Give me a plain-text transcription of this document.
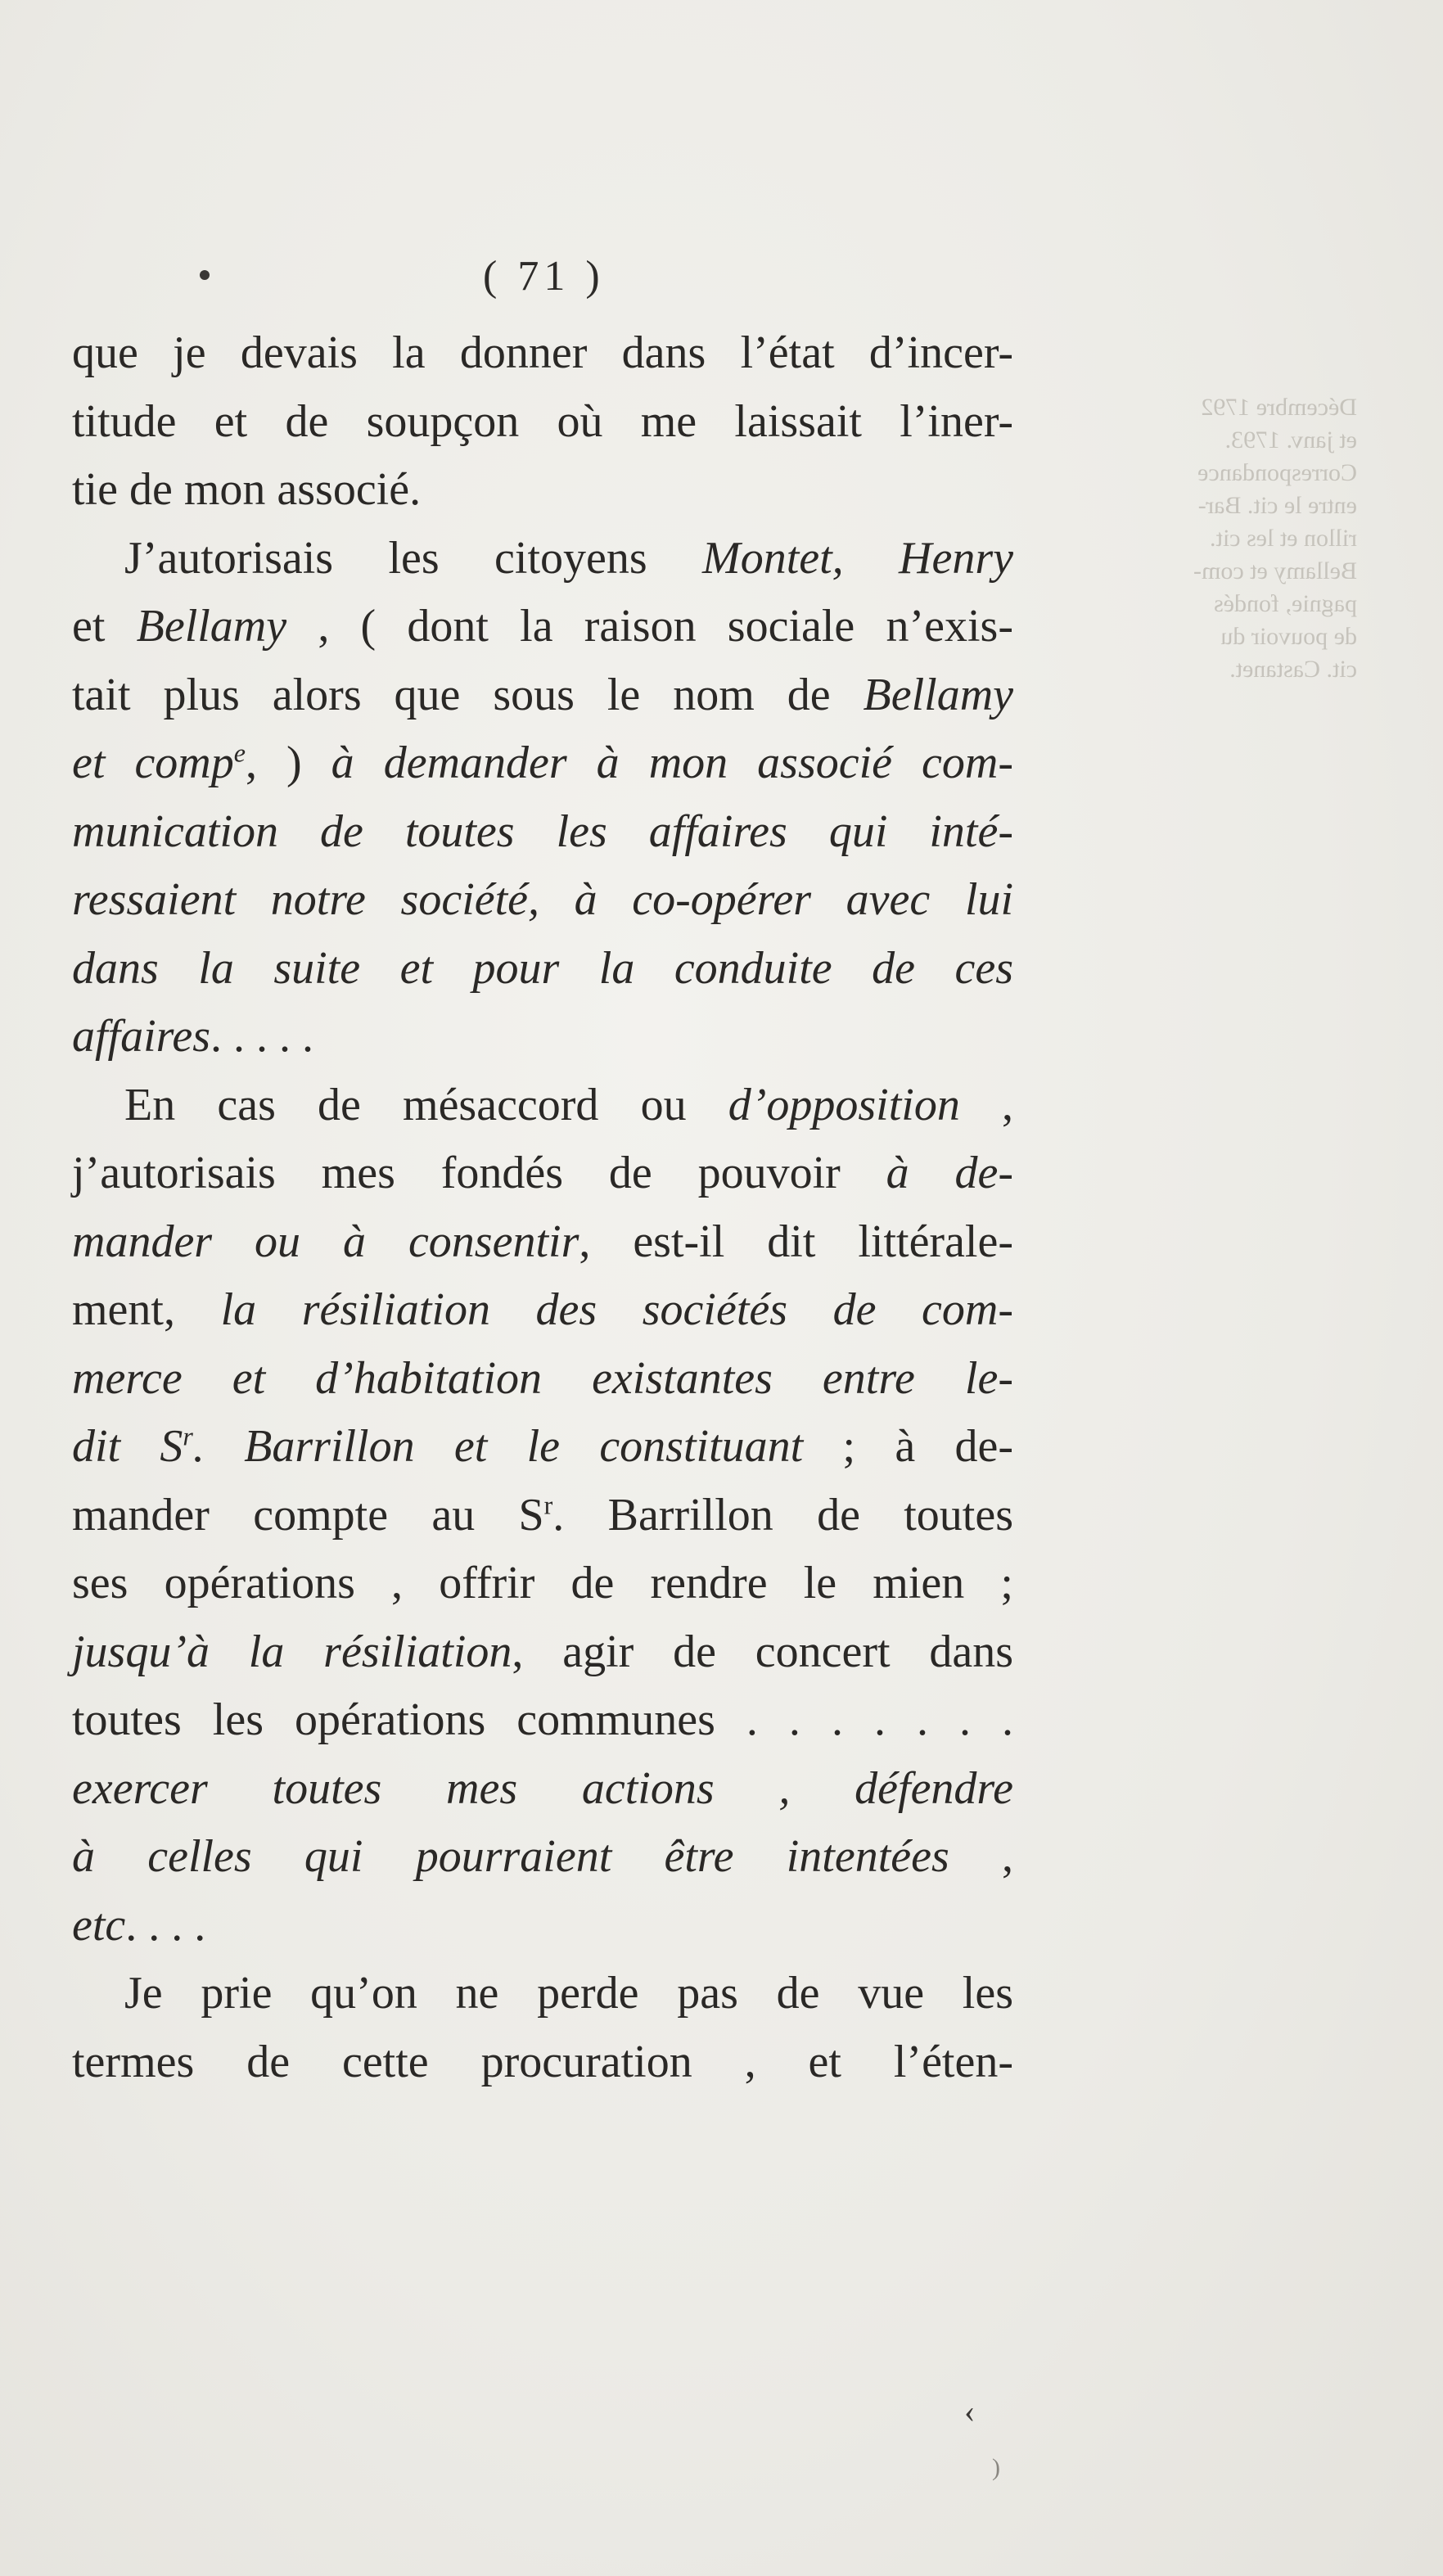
Décembre 1792
et janv. 1793.
Correspondance
entre le cit. Bar-
rillon et les cit.
Bellamy et com-
pagnie, fondés
de pouvoir du
cit. Castanet.
( 71 )
que je devais la donner dans l’état d’incer-
titude et de soupçon où me laissait l’iner-
tie de mon associé.
J’autorisais les citoyens Montet, Henry
et Bellamy , ( dont la raison sociale n’exis-
tait plus alors que sous le nom de Bellamy
et comp$^e$, ) à demander à mon associé com-
munication de toutes les affaires qui inté-
ressaient notre société, à co-opérer avec lui
dans la suite et pour la conduite de ces
affaires. . . . .
En cas de mésaccord ou d’opposition ,
j’autorisais mes fondés de pouvoir à de-
mander ou à consentir, est-il dit littérale-
ment, la résiliation des sociétés de com-
merce et d’habitation existantes entre le-
dit $S^r$. Barrillon et le constituant ; à de-
mander compte au $S^r$. Barrillon de toutes
ses opérations , offrir de rendre le mien ;
jusqu’à la résiliation, agir de concert dans
toutes les opérations communes . . . . . . .
exercer toutes mes actions , défendre
à celles qui pourraient être intentées ,
etc. . . .
Je prie qu’on ne perde pas de vue les
termes de cette procuration , et l’éten-
‹
)
